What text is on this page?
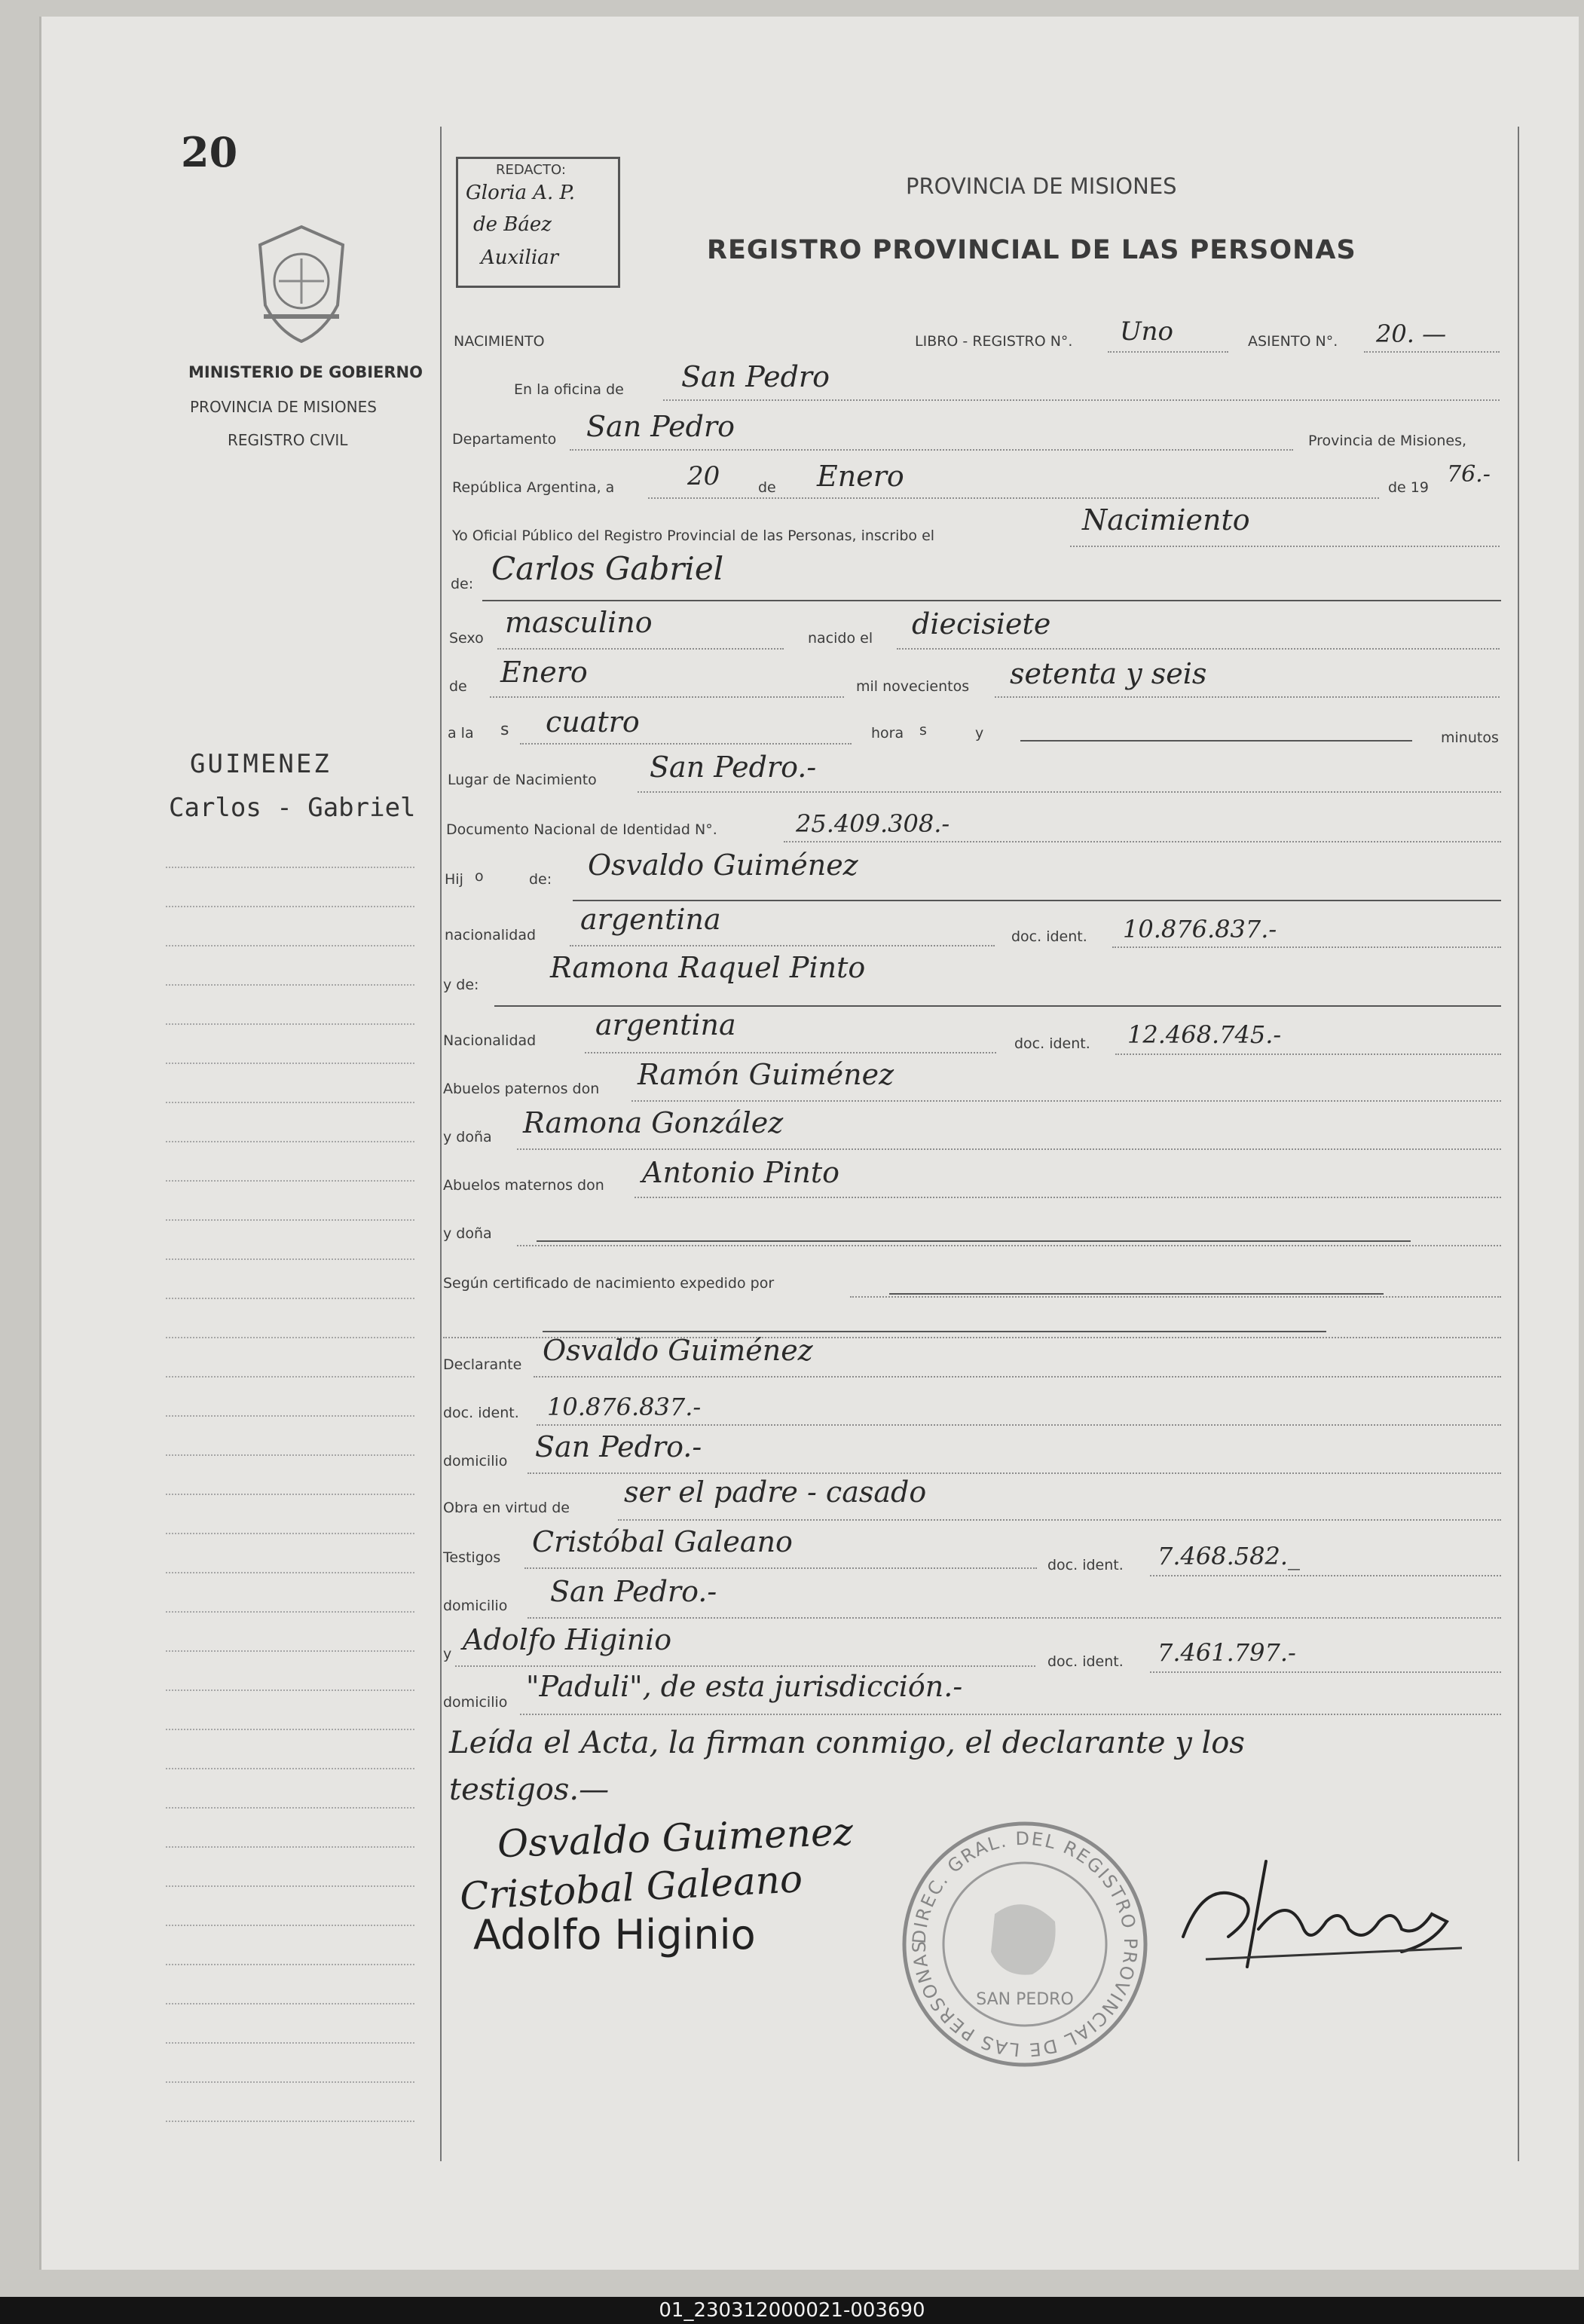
20
MINISTERIO DE GOBIERNO
PROVINCIA DE MISIONES
REGISTRO CIVIL
GUIMENEZ
Carlos - Gabriel
REDACTO:
Gloria A. P.
de Báez
Auxiliar
PROVINCIA DE MISIONES
REGISTRO PROVINCIAL DE LAS PERSONAS
NACIMIENTO	LIBRO - REGISTRO N°. Uno	ASIENTO N°. 20. —
En la oficina de San Pedro
Departamento San Pedro	Provincia de Misiones,
República Argentina, a	20	de Enero	de 19 76.-
Yo Oficial Público del Registro Provincial de las Personas, inscribo el	Nacimiento
de: Carlos Gabriel
Sexo masculino	nacido el diecisiete
de Enero	mil novecientos setenta y seis
a la s cuatro	hora s	y	minutos
Lugar de Nacimiento San Pedro.-
Documento Nacional de Identidad N°.	25.409.308.-
Hij o	de: Osvaldo Guiménez
nacionalidad argentina
doc. ident. 10.876.837.-
y de:
Ramona Raquel Pinto
Nacionalidad argentina
doc. ident. 12.468.745.-
Abuelos paternos don Ramón Guiménez
y doña Ramona González
Abuelos maternos don Antonio Pinto
y doña
Según certificado de nacimiento expedido por
Declarante Osvaldo Guiménez
doc. ident. 10.876.837.-
domicilio San Pedro.-
Obra en virtud de ser el padre - casado
Testigos Cristóbal Galeano
doc. ident. 7.468.582._
domicilio San Pedro.-
y Adolfo Higinio
doc. ident. 7.461.797.-
domicilio "Paduli", de esta jurisdicción.-
Leída el Acta, la firman conmigo, el declarante y los
testigos.—
Osvaldo Guimenez
Cristobal Galeano
Adolfo Higinio	DIREC. GRAL. DEL REGISTRO PROVINCIAL DE LAS PERSONAS
SAN PEDRO
01_230312000021-003690
